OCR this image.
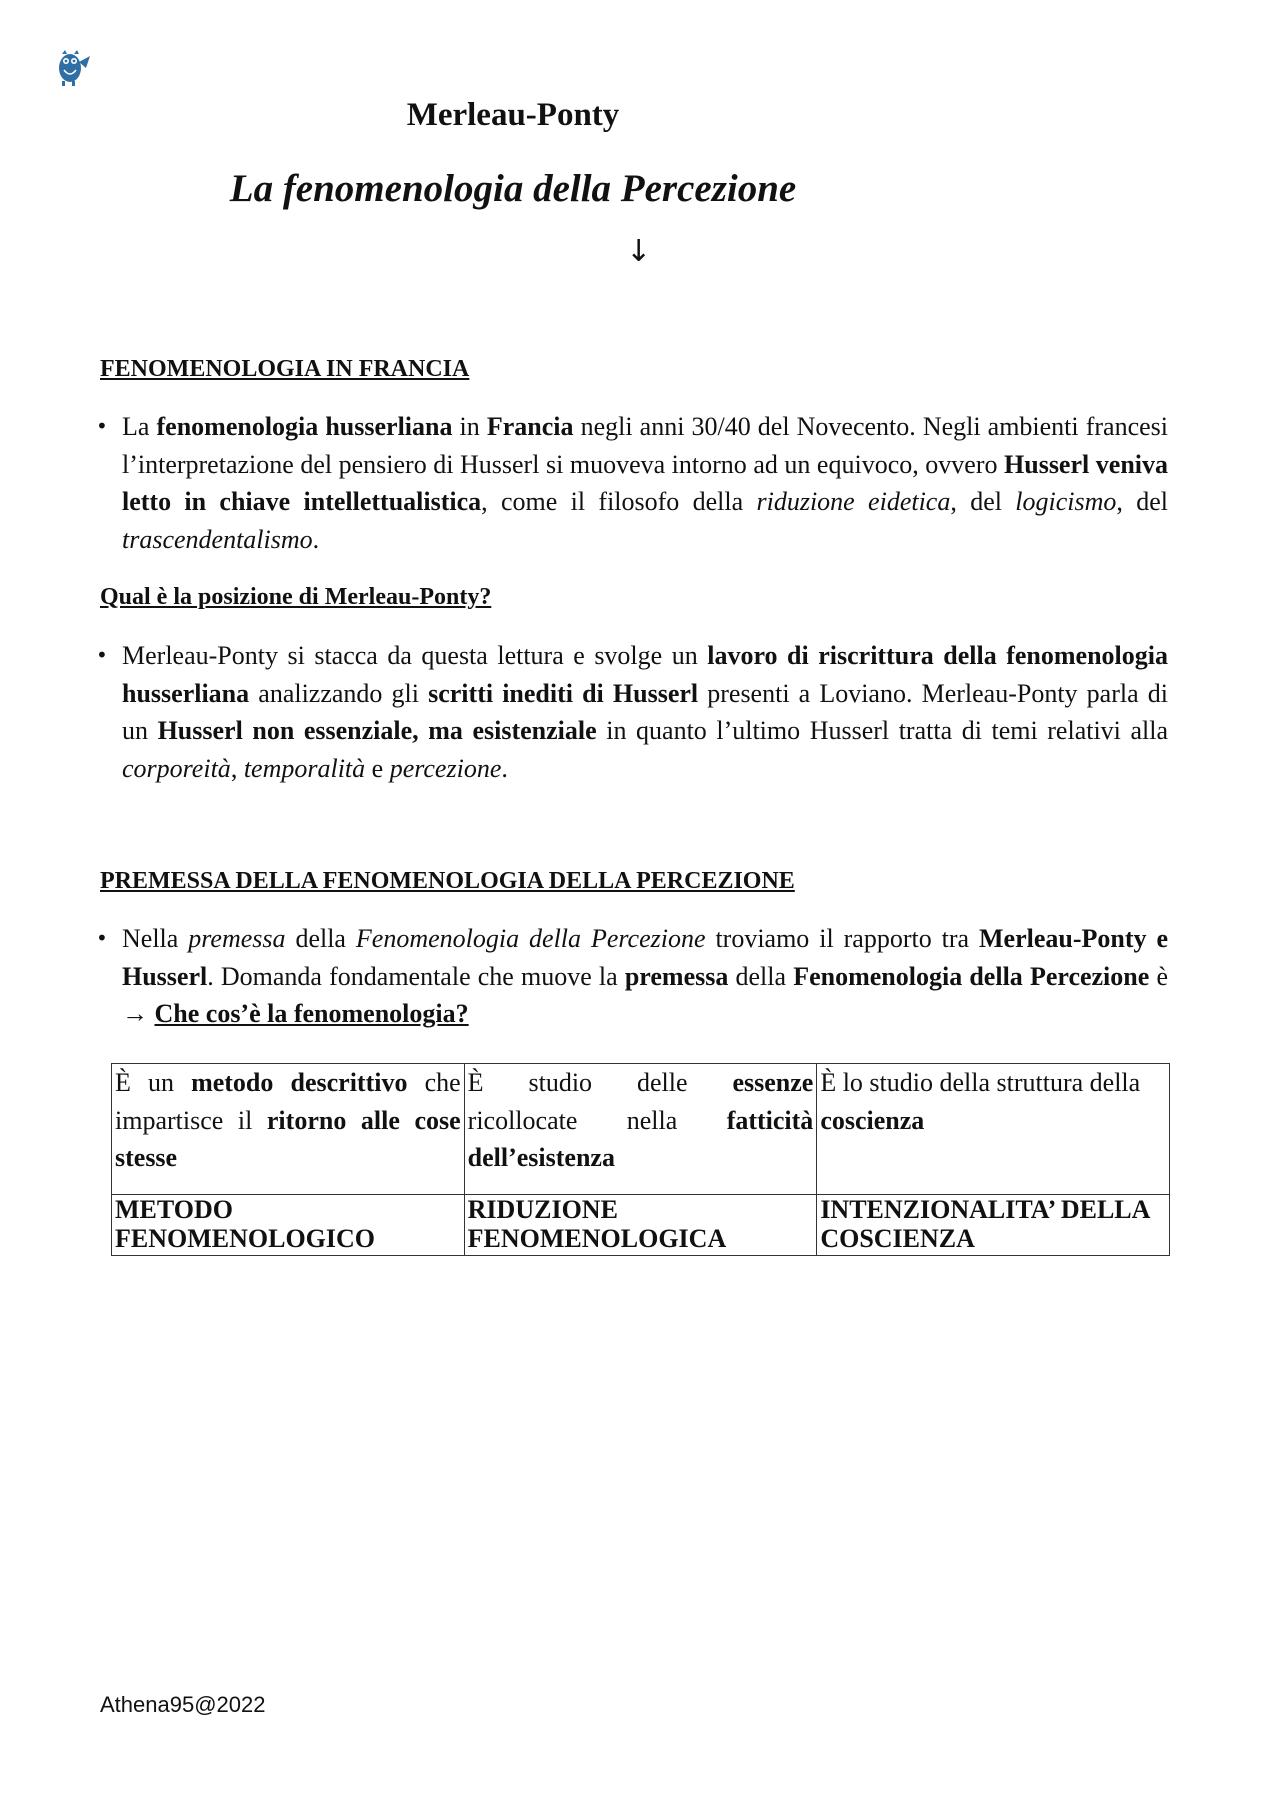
Merleau-Ponty
La fenomenologia della Percezione
↓
FENOMENOLOGIA IN FRANCIA
• La fenomenologia husserliana in Francia negli anni 30/40 del Novecento. Negli ambienti francesi l’interpretazione del pensiero di Husserl si muoveva intorno ad un equivoco, ovvero Husserl veniva letto in chiave intellettualistica, come il filosofo della riduzione eidetica, del logicismo, del trascendentalismo.
Qual è la posizione di Merleau-Ponty?
• Merleau-Ponty si stacca da questa lettura e svolge un lavoro di riscrittura della fenomenologia husserliana analizzando gli scritti inediti di Husserl presenti a Loviano. Merleau-Ponty parla di un Husserl non essenziale, ma esistenziale in quanto l’ultimo Husserl tratta di temi relativi alla corporeità, temporalità e percezione.
PREMESSA DELLA FENOMENOLOGIA DELLA PERCEZIONE
• Nella premessa della Fenomenologia della Percezione troviamo il rapporto tra Merleau-Ponty e Husserl. Domanda fondamentale che muove la premessa della Fenomenologia della Percezione è → Che cos’è la fenomenologia?
È un metodo descrittivo che impartisce il ritorno alle cose stesse	È studio delle essenze ricollocate nella fatticità dell’esistenza	È lo studio della struttura della coscienza
METODO FENOMENOLOGICO	RIDUZIONE FENOMENOLOGICA	INTENZIONALITA’ DELLA COSCIENZA
Athena95@2022
